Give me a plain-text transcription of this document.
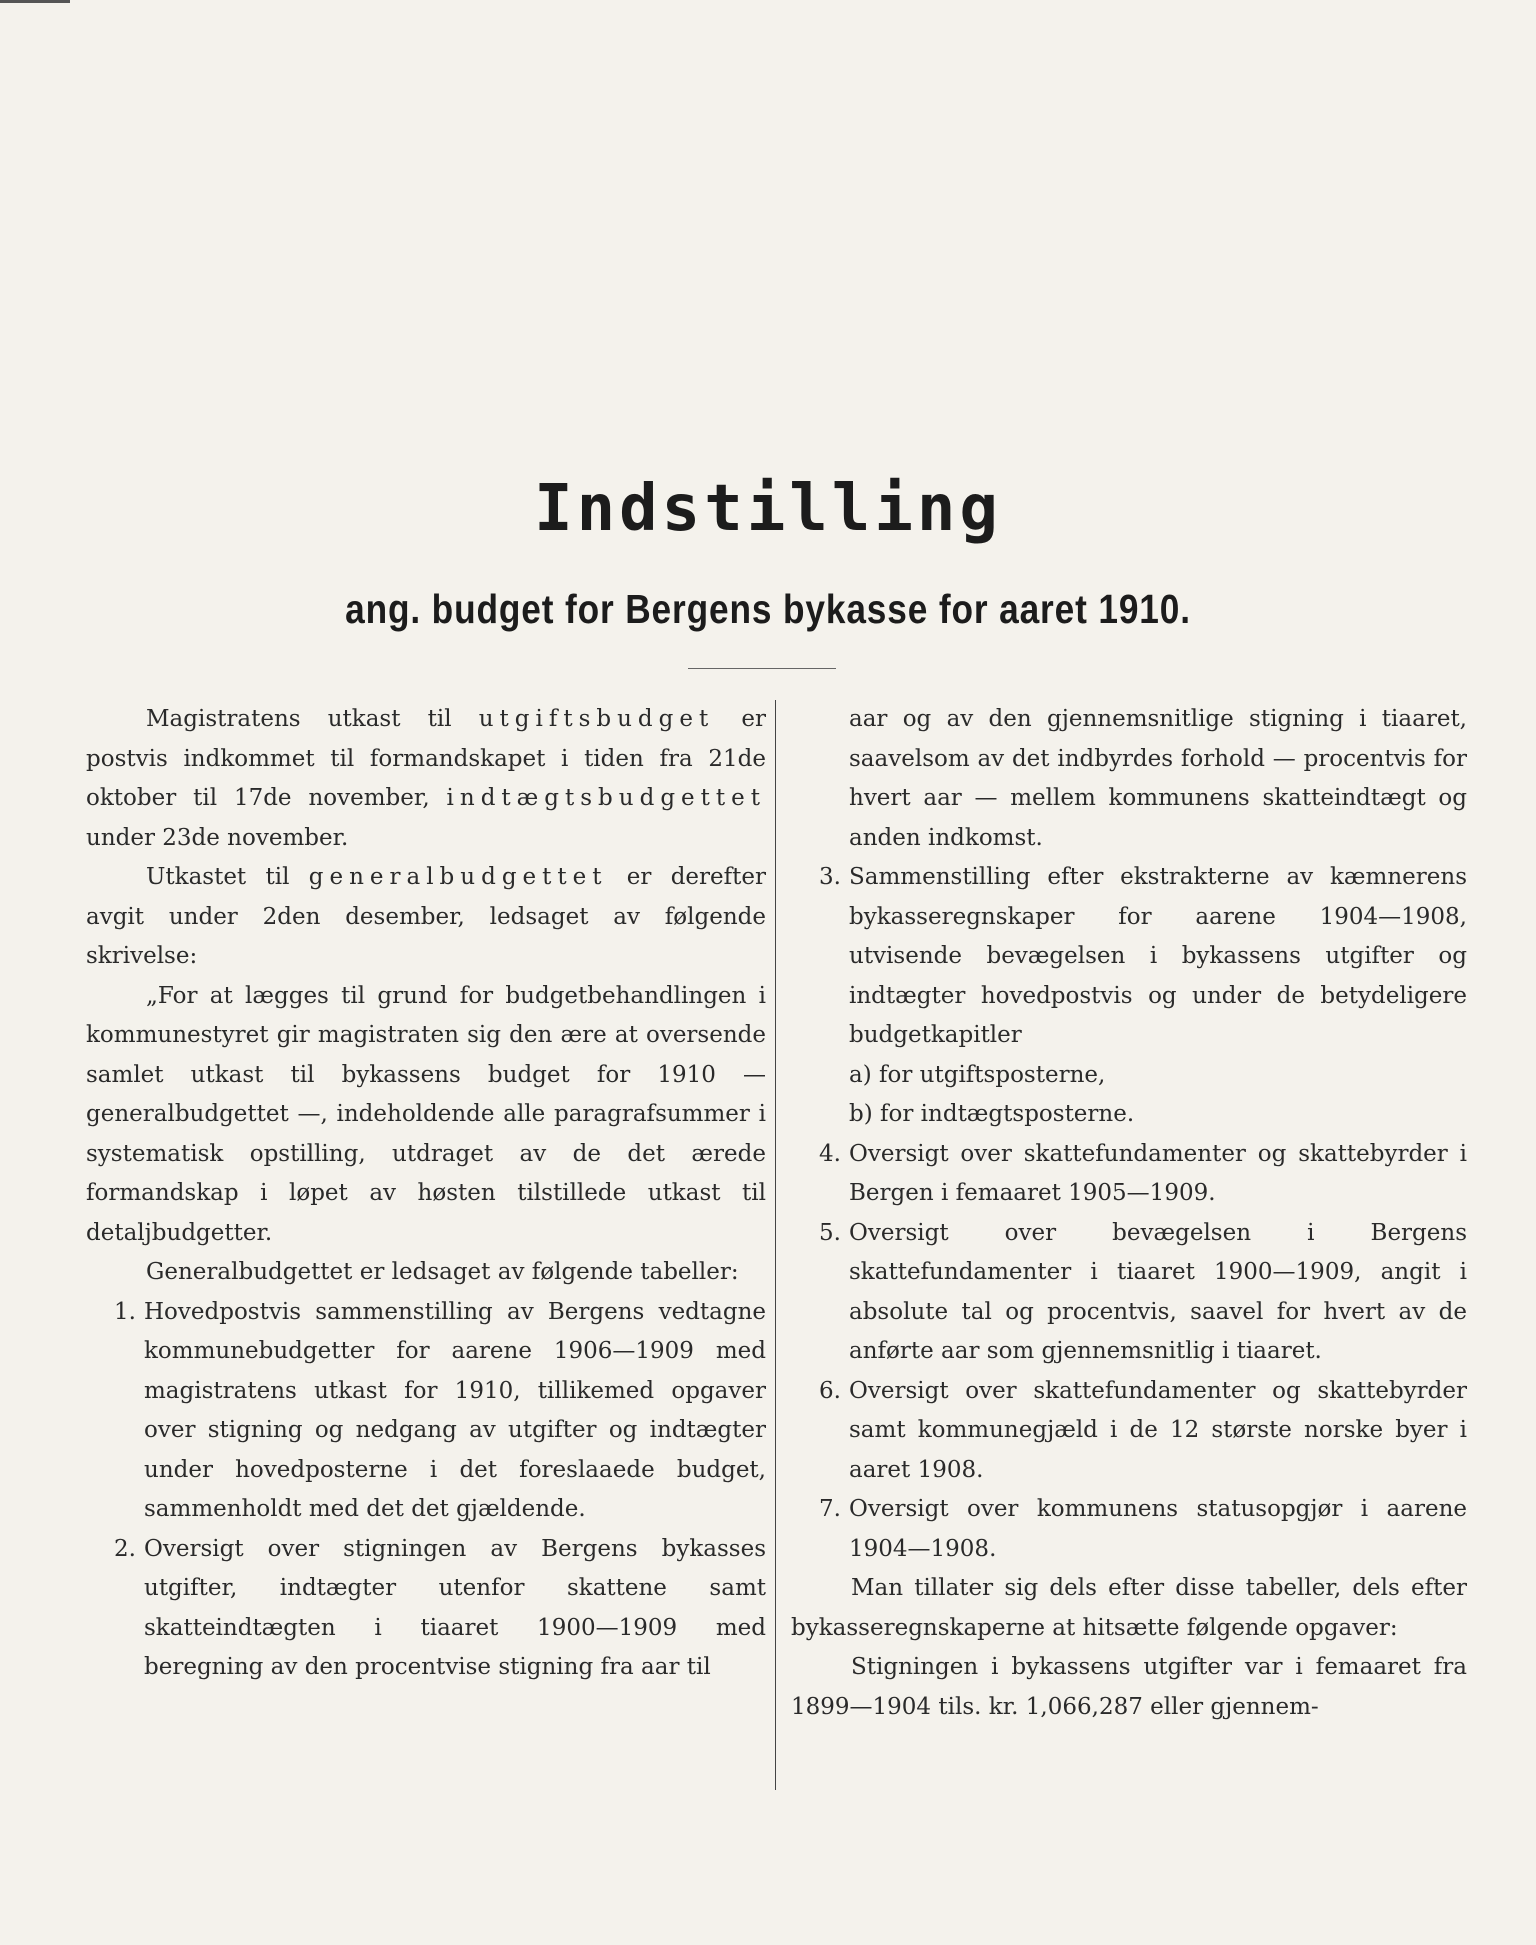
Indstilling
ang. budget for Bergens bykasse for aaret 1910.

Magistratens utkast til utgiftsbudget er postvis indkommet til formandskapet i tiden fra 21de oktober til 17de november, indtægtsbudgettet under 23de november.

Utkastet til generalbudgettet er derefter avgit under 2den desember, ledsaget av følgende skrivelse:

„For at lægges til grund for budgetbehandlingen i kommunestyret gir magistraten sig den ære at oversende samlet utkast til bykassens budget for 1910 — generalbudgettet —, indeholdende alle paragrafsummer i systematisk opstilling, utdraget av de det ærede formandskap i løpet av høsten tilstillede utkast til detaljbudgetter.

Generalbudgettet er ledsaget av følgende tabeller:

1. Hovedpostvis sammenstilling av Bergens vedtagne kommunebudgetter for aarene 1906—1909 med magistratens utkast for 1910, tillikemed opgaver over stigning og nedgang av utgifter og indtægter under hovedposterne i det foreslaaede budget, sammenholdt med det det gjældende.

2. Oversigt over stigningen av Bergens bykasses utgifter, indtægter utenfor skattene samt skatteindtægten i tiaaret 1900—1909 med beregning av den procentvise stigning fra aar til

aar og av den gjennemsnitlige stigning i tiaaret, saavelsom av det indbyrdes forhold — procentvis for hvert aar — mellem kommunens skatteindtægt og anden indkomst.

3. Sammenstilling efter ekstrakterne av kæmnerens bykasseregnskaper for aarene 1904—1908, utvisende bevægelsen i bykassens utgifter og indtægter hovedpostvis og under de betydeligere budgetkapitler

a) for utgiftsposterne,

b) for indtægtsposterne.

4. Oversigt over skattefundamenter og skattebyrder i Bergen i femaaret 1905—1909.

5. Oversigt over bevægelsen i Bergens skattefundamenter i tiaaret 1900—1909, angit i absolute tal og procentvis, saavel for hvert av de anførte aar som gjennemsnitlig i tiaaret.

6. Oversigt over skattefundamenter og skattebyrder samt kommunegjæld i de 12 største norske byer i aaret 1908.

7. Oversigt over kommunens statusopgjør i aarene 1904—1908.

Man tillater sig dels efter disse tabeller, dels efter bykasseregnskaperne at hitsætte følgende opgaver:

Stigningen i bykassens utgifter var i femaaret fra 1899—1904 tils. kr. 1,066,287 eller gjennem-
